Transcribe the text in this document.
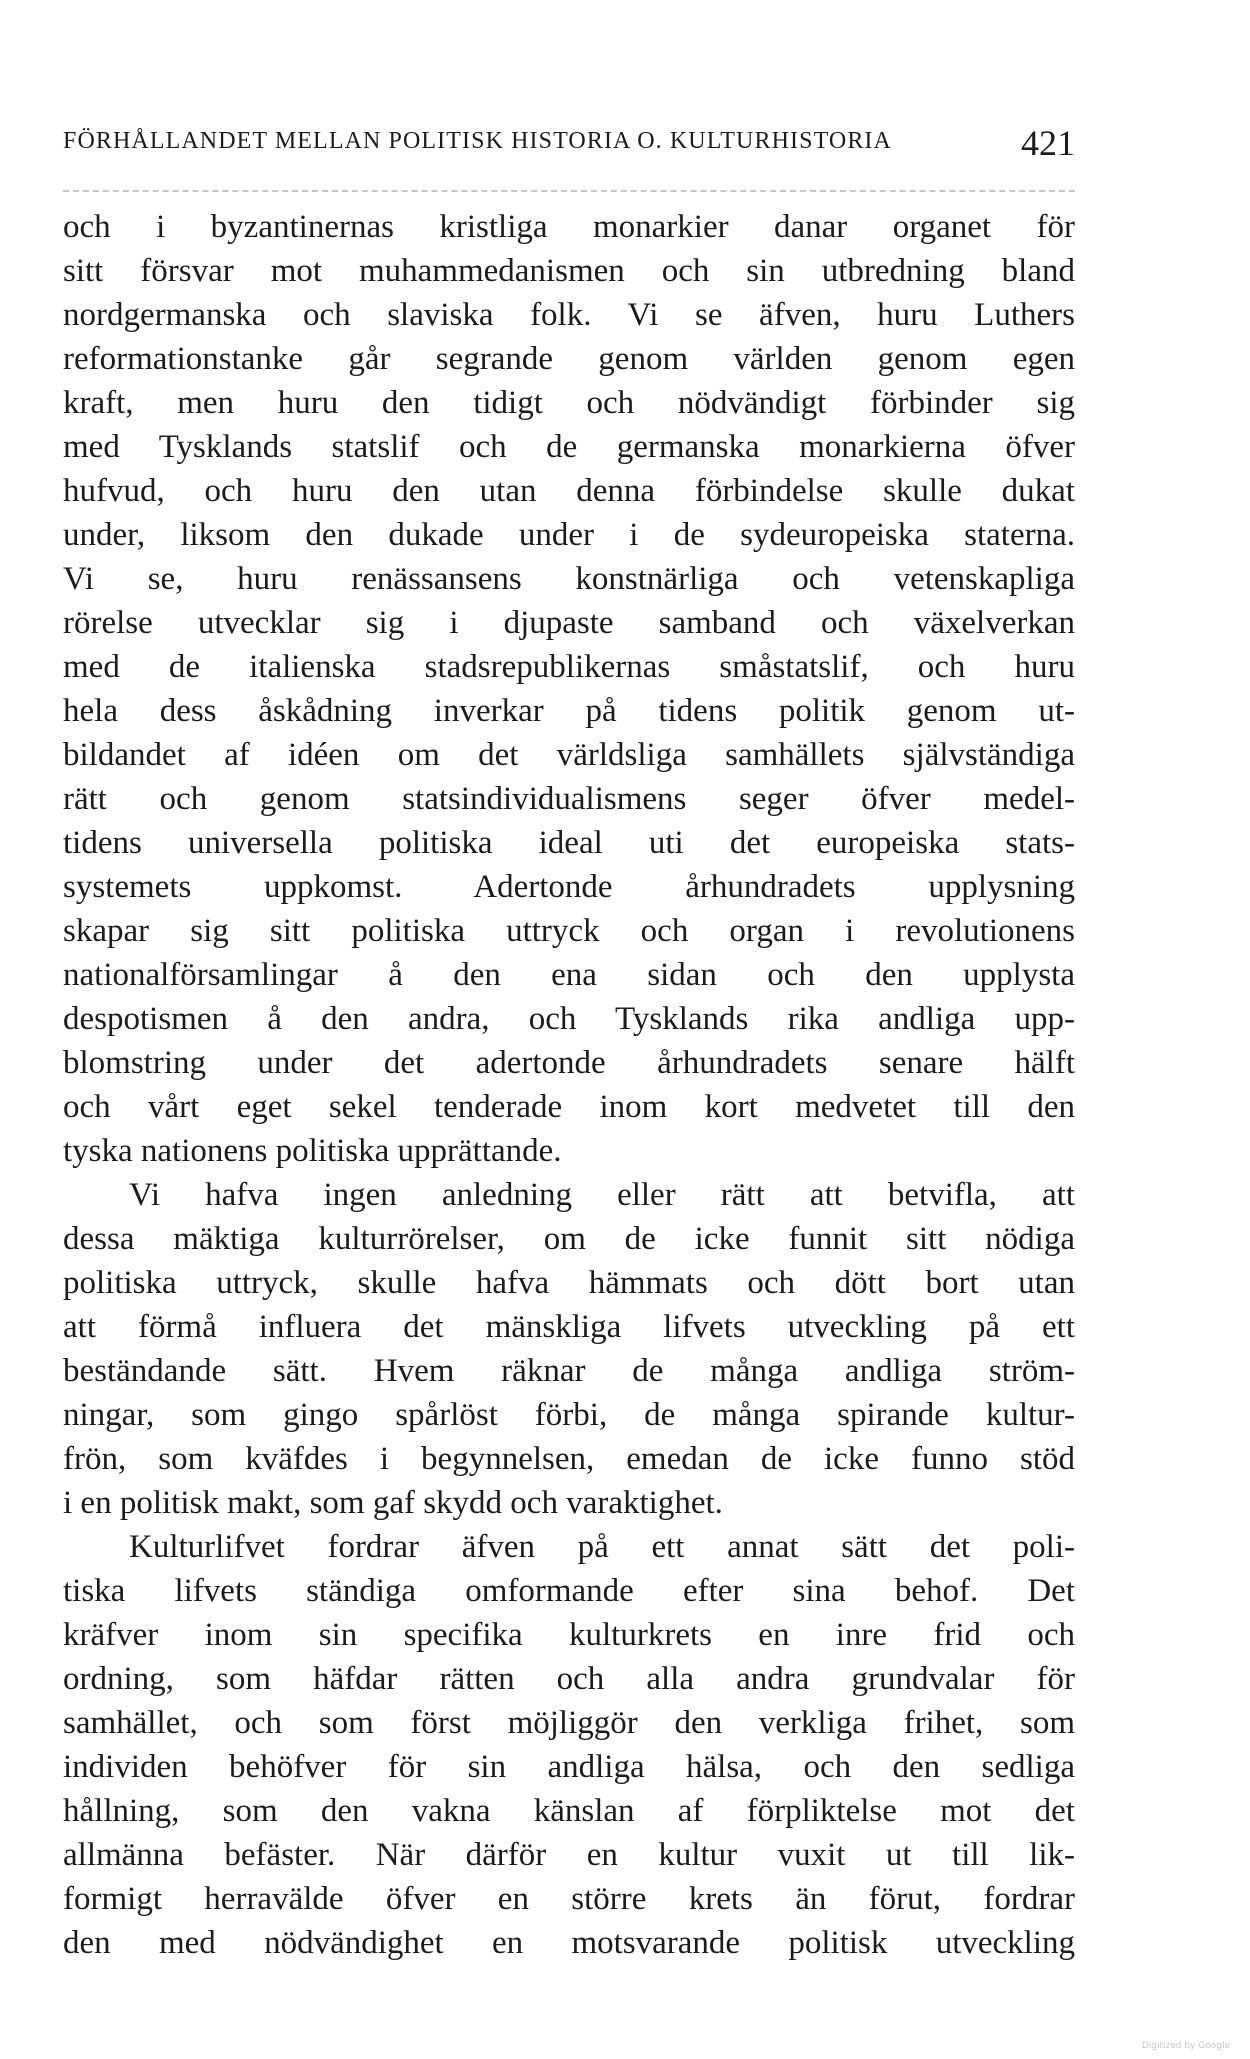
FÖRHÅLLANDET MELLAN POLITISK HISTORIA O. KULTURHISTORIA	421
och i byzantinernas kristliga monarkier danar organet för
sitt försvar mot muhammedanismen och sin utbredning bland
nordgermanska och slaviska folk. Vi se äfven, huru Luthers
reformationstanke går segrande genom världen genom egen
kraft, men huru den tidigt och nödvändigt förbinder sig
med Tysklands statslif och de germanska monarkierna öfver
hufvud, och huru den utan denna förbindelse skulle dukat
under, liksom den dukade under i de sydeuropeiska staterna.
Vi se, huru renässansens konstnärliga och vetenskapliga
rörelse utvecklar sig i djupaste samband och växelverkan
med de italienska stadsrepublikernas småstatslif, och huru
hela dess åskådning inverkar på tidens politik genom ut-
bildandet af idéen om det världsliga samhällets självständiga
rätt och genom statsindividualismens seger öfver medel-
tidens universella politiska ideal uti det europeiska stats-
systemets uppkomst. Adertonde århundradets upplysning
skapar sig sitt politiska uttryck och organ i revolutionens
nationalförsamlingar å den ena sidan och den upplysta
despotismen å den andra, och Tysklands rika andliga upp-
blomstring under det adertonde århundradets senare hälft
och vårt eget sekel tenderade inom kort medvetet till den
tyska nationens politiska upprättande.
Vi hafva ingen anledning eller rätt att betvifla, att
dessa mäktiga kulturrörelser, om de icke funnit sitt nödiga
politiska uttryck, skulle hafva hämmats och dött bort utan
att förmå influera det mänskliga lifvets utveckling på ett
beständande sätt. Hvem räknar de många andliga ström-
ningar, som gingo spårlöst förbi, de många spirande kultur-
frön, som kväfdes i begynnelsen, emedan de icke funno stöd
i en politisk makt, som gaf skydd och varaktighet.
Kulturlifvet fordrar äfven på ett annat sätt det poli-
tiska lifvets ständiga omformande efter sina behof. Det
kräfver inom sin specifika kulturkrets en inre frid och
ordning, som häfdar rätten och alla andra grundvalar för
samhället, och som först möjliggör den verkliga frihet, som
individen behöfver för sin andliga hälsa, och den sedliga
hållning, som den vakna känslan af förpliktelse mot det
allmänna befäster. När därför en kultur vuxit ut till lik-
formigt herravälde öfver en större krets än förut, fordrar
den med nödvändighet en motsvarande politisk utveckling
Digitized by Google
